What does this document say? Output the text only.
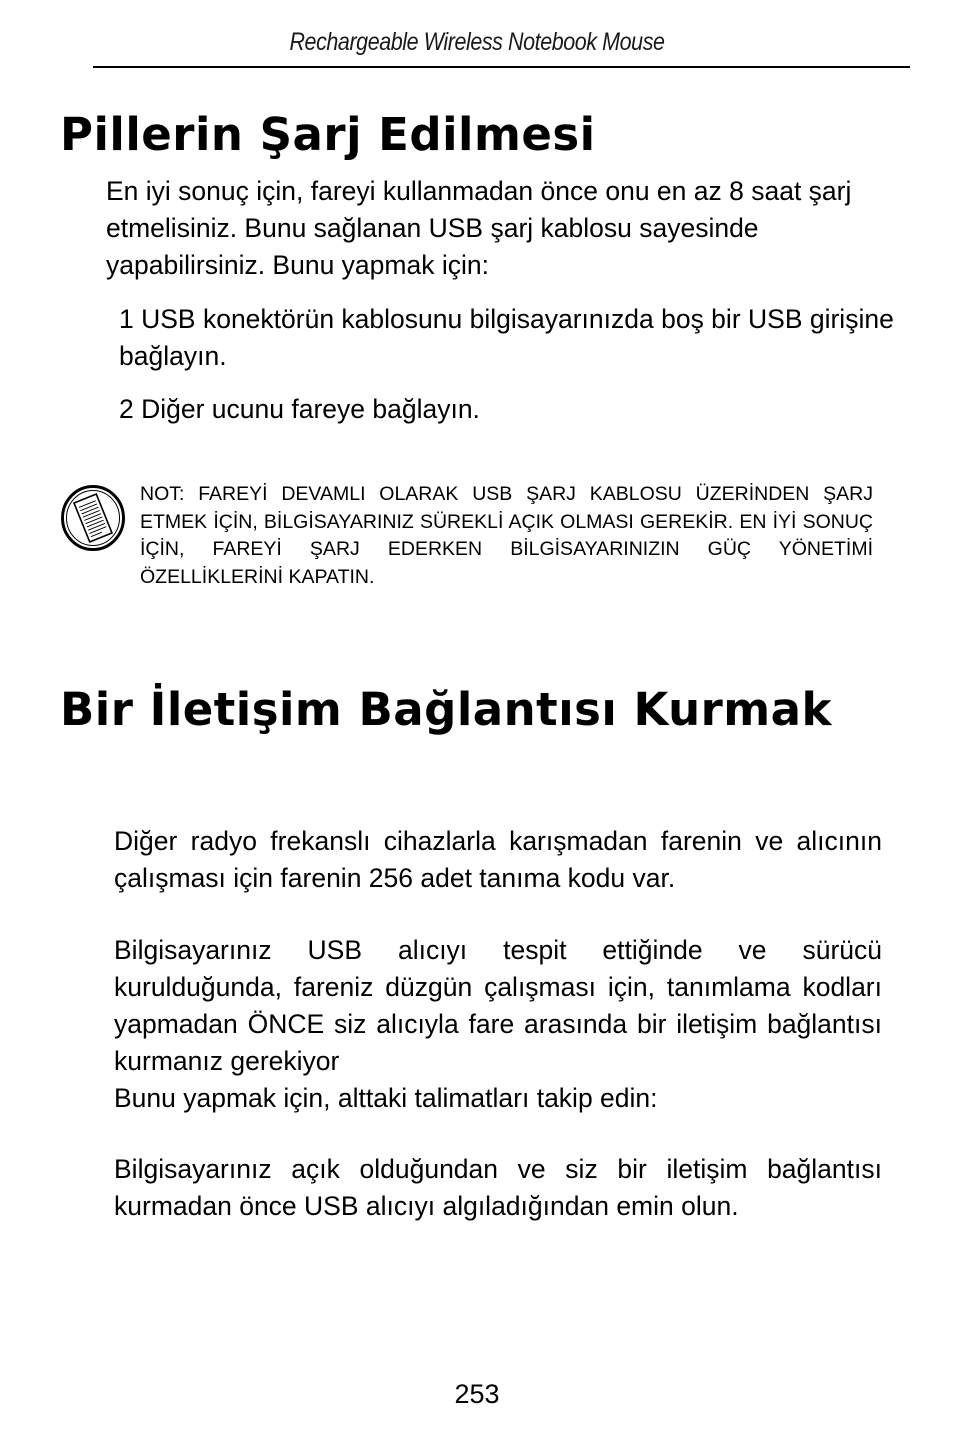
Rechargeable Wireless Notebook Mouse
Pillerin Şarj Edilmesi

En iyi sonuç için, fareyi kullanmadan önce onu en az 8 saat şarj etmelisiniz. Bunu sağlanan USB şarj kablosu sayesinde yapabilirsiniz. Bunu yapmak için:

1 USB konektörün kablosunu bilgisayarınızda boş bir USB girişine bağlayın.

2 Diğer ucunu fareye bağlayın.

NOT: FAREYİ DEVAMLI OLARAK USB ŞARJ KABLOSU ÜZERİNDEN ŞARJ ETMEK İÇİN, BİLGİSAYARINIZ SÜREKLİ AÇIK OLMASI GEREKİR. EN İYİ SONUÇ İÇİN, FAREYİ ŞARJ EDERKEN BİLGİSAYARINIZIN GÜÇ YÖNETİMİ ÖZELLİKLERİNİ KAPATIN.

Bir İletişim Bağlantısı Kurmak

Diğer radyo frekanslı cihazlarla karışmadan farenin ve alıcının çalışması için farenin 256 adet tanıma kodu var.

Bilgisayarınız USB alıcıyı tespit ettiğinde ve sürücü kurulduğunda, fareniz düzgün çalışması için, tanımlama kodları yapmadan ÖNCE siz alıcıyla fare arasında bir iletişim bağlantısı kurmanız gerekiyor
Bunu yapmak için, alttaki talimatları takip edin:

Bilgisayarınız açık olduğundan ve siz bir iletişim bağlantısı kurmadan önce USB alıcıyı algıladığından emin olun.

253
